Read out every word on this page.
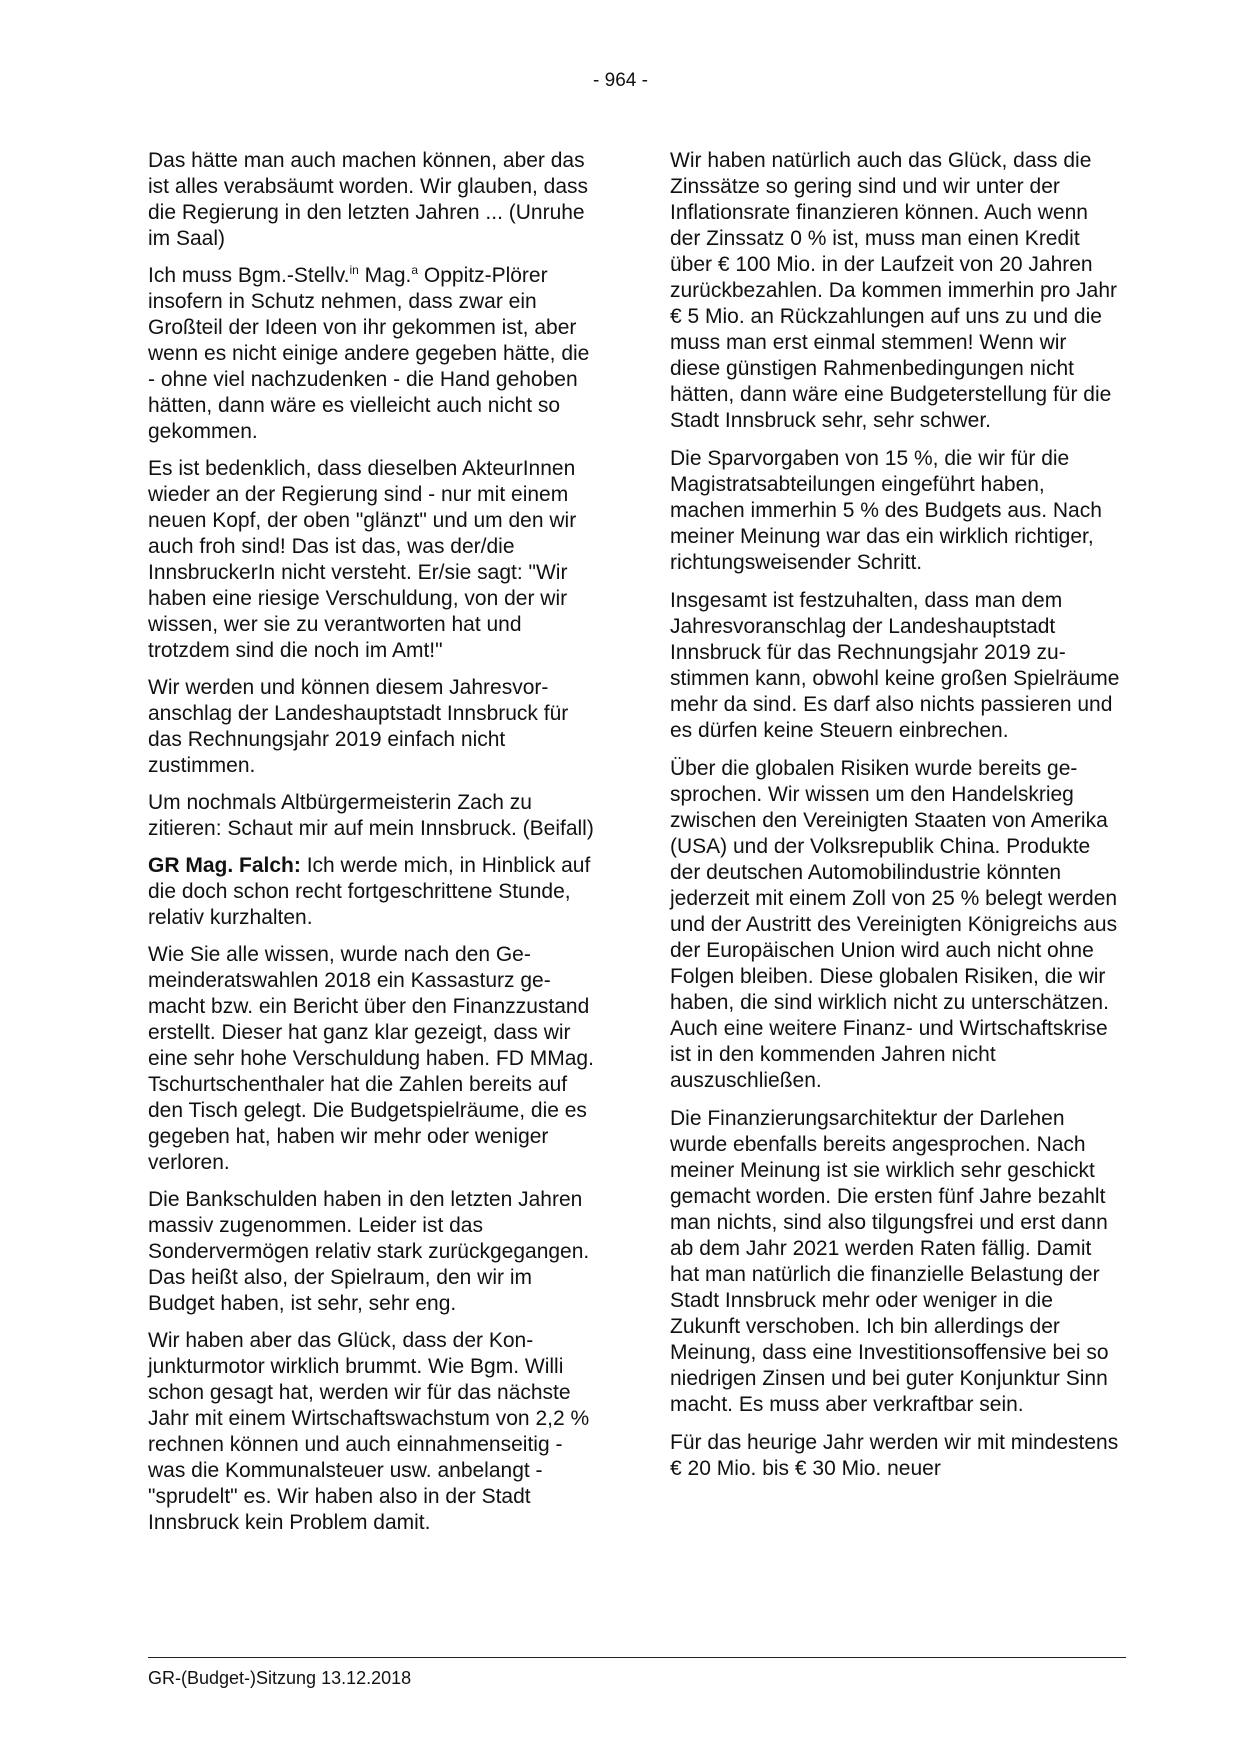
- 964 -

Das hätte man auch machen können, aber das ist alles verabsäumt worden. Wir glauben, dass die Regierung in den letzten Jahren ... (Unruhe im Saal)

Ich muss Bgm.-Stellv.$^{in}$ Mag.$^a$ Oppitz-Plörer insofern in Schutz nehmen, dass zwar ein Großteil der Ideen von ihr gekommen ist, aber wenn es nicht einige andere gegeben hätte, die - ohne viel nachzudenken - die Hand gehoben hätten, dann wäre es vielleicht auch nicht so gekommen.

Es ist bedenklich, dass dieselben AkteurInnen wieder an der Regierung sind - nur mit einem neuen Kopf, der oben "glänzt" und um den wir auch froh sind! Das ist das, was der/die InnsbruckerIn nicht versteht. Er/sie sagt: "Wir haben eine riesige Verschuldung, von der wir wissen, wer sie zu verantworten hat und trotzdem sind die noch im Amt!"

Wir werden und können diesem Jahresvoranschlag der Landeshauptstadt Innsbruck für das Rechnungsjahr 2019 einfach nicht zustimmen.

Um nochmals Altbürgermeisterin Zach zu zitieren: Schaut mir auf mein Innsbruck. (Beifall)

GR Mag. Falch: Ich werde mich, in Hinblick auf die doch schon recht fortgeschrittene Stunde, relativ kurzhalten.

Wie Sie alle wissen, wurde nach den Gemeinderatswahlen 2018 ein Kassasturz gemacht bzw. ein Bericht über den Finanzzustand erstellt. Dieser hat ganz klar gezeigt, dass wir eine sehr hohe Verschuldung haben. FD MMag. Tschurtschenthaler hat die Zahlen bereits auf den Tisch gelegt. Die Budgetspielräume, die es gegeben hat, haben wir mehr oder weniger verloren.

Die Bankschulden haben in den letzten Jahren massiv zugenommen. Leider ist das Sondervermögen relativ stark zurückgegangen. Das heißt also, der Spielraum, den wir im Budget haben, ist sehr, sehr eng.

Wir haben aber das Glück, dass der Konjunkturmotor wirklich brummt. Wie Bgm. Willi schon gesagt hat, werden wir für das nächste Jahr mit einem Wirtschaftswachstum von 2,2 % rechnen können und auch einnahmenseitig - was die Kommunalsteuer usw. anbelangt - "sprudelt" es. Wir haben also in der Stadt Innsbruck kein Problem damit.

Wir haben natürlich auch das Glück, dass die Zinssätze so gering sind und wir unter der Inflationsrate finanzieren können. Auch wenn der Zinssatz 0 % ist, muss man einen Kredit über € 100 Mio. in der Laufzeit von 20 Jahren zurückbezahlen. Da kommen immerhin pro Jahr € 5 Mio. an Rückzahlungen auf uns zu und die muss man erst einmal stemmen! Wenn wir diese günstigen Rahmenbedingungen nicht hätten, dann wäre eine Budgeterstellung für die Stadt Innsbruck sehr, sehr schwer.

Die Sparvorgaben von 15 %, die wir für die Magistratsabteilungen eingeführt haben, machen immerhin 5 % des Budgets aus. Nach meiner Meinung war das ein wirklich richtiger, richtungsweisender Schritt.

Insgesamt ist festzuhalten, dass man dem Jahresvoranschlag der Landeshauptstadt Innsbruck für das Rechnungsjahr 2019 zustimmen kann, obwohl keine großen Spielräume mehr da sind. Es darf also nichts passieren und es dürfen keine Steuern einbrechen.

Über die globalen Risiken wurde bereits gesprochen. Wir wissen um den Handelskrieg zwischen den Vereinigten Staaten von Amerika (USA) und der Volksrepublik China. Produkte der deutschen Automobilindustrie könnten jederzeit mit einem Zoll von 25 % belegt werden und der Austritt des Vereinigten Königreichs aus der Europäischen Union wird auch nicht ohne Folgen bleiben. Diese globalen Risiken, die wir haben, die sind wirklich nicht zu unterschätzen. Auch eine weitere Finanz- und Wirtschaftskrise ist in den kommenden Jahren nicht auszuschließen.

Die Finanzierungsarchitektur der Darlehen wurde ebenfalls bereits angesprochen. Nach meiner Meinung ist sie wirklich sehr geschickt gemacht worden. Die ersten fünf Jahre bezahlt man nichts, sind also tilgungsfrei und erst dann ab dem Jahr 2021 werden Raten fällig. Damit hat man natürlich die finanzielle Belastung der Stadt Innsbruck mehr oder weniger in die Zukunft verschoben. Ich bin allerdings der Meinung, dass eine Investitionsoffensive bei so niedrigen Zinsen und bei guter Konjunktur Sinn macht. Es muss aber verkraftbar sein.

Für das heurige Jahr werden wir mit mindestens € 20 Mio. bis € 30 Mio. neuer

GR-(Budget-)Sitzung 13.12.2018
